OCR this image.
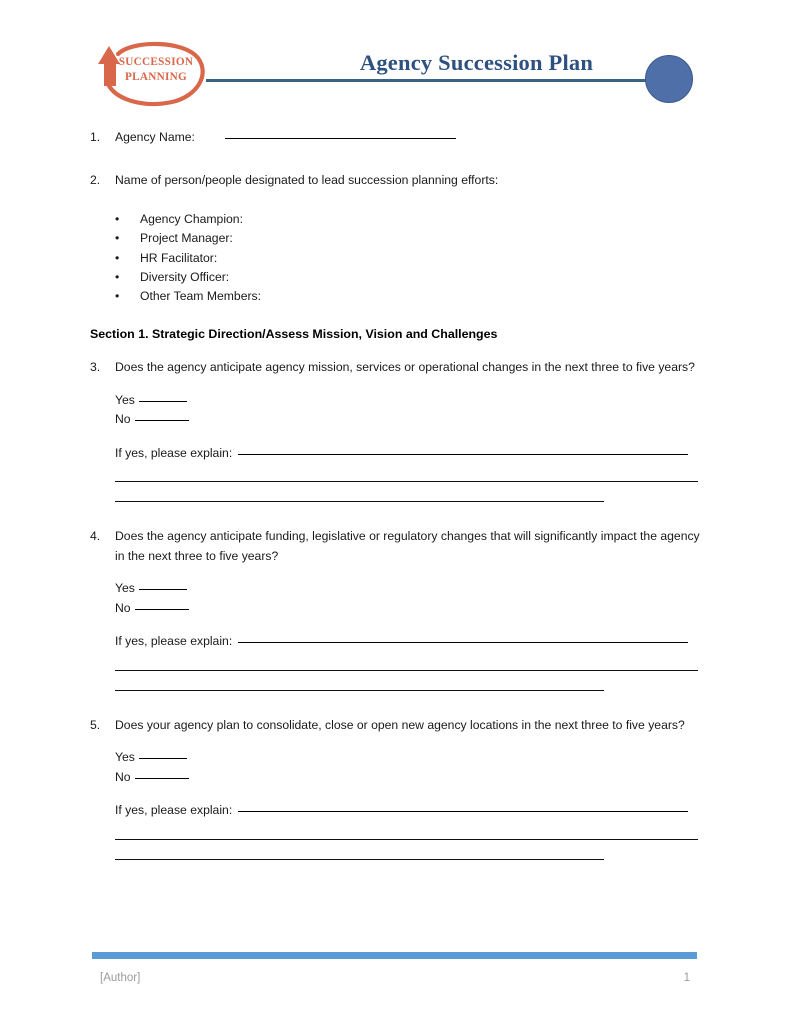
SUCCESSION
PLANNING
Agency Succession Plan
1.	Agency Name:
2.	Name of person/people designated to lead succession planning efforts:
• Agency Champion:
• Project Manager:
• HR Facilitator:
• Diversity Officer:
• Other Team Members:
Section 1. Strategic Direction/Assess Mission, Vision and Challenges
3.	Does the agency anticipate agency mission, services or operational changes in the next three to five years?
Yes
No
If yes, please explain:
4.	Does the agency anticipate funding, legislative or regulatory changes that will significantly impact the agency in the next three to five years?
Yes
No
If yes, please explain:
5.	Does your agency plan to consolidate, close or open new agency locations in the next three to five years?
Yes
No
If yes, please explain:
[Author]	1
